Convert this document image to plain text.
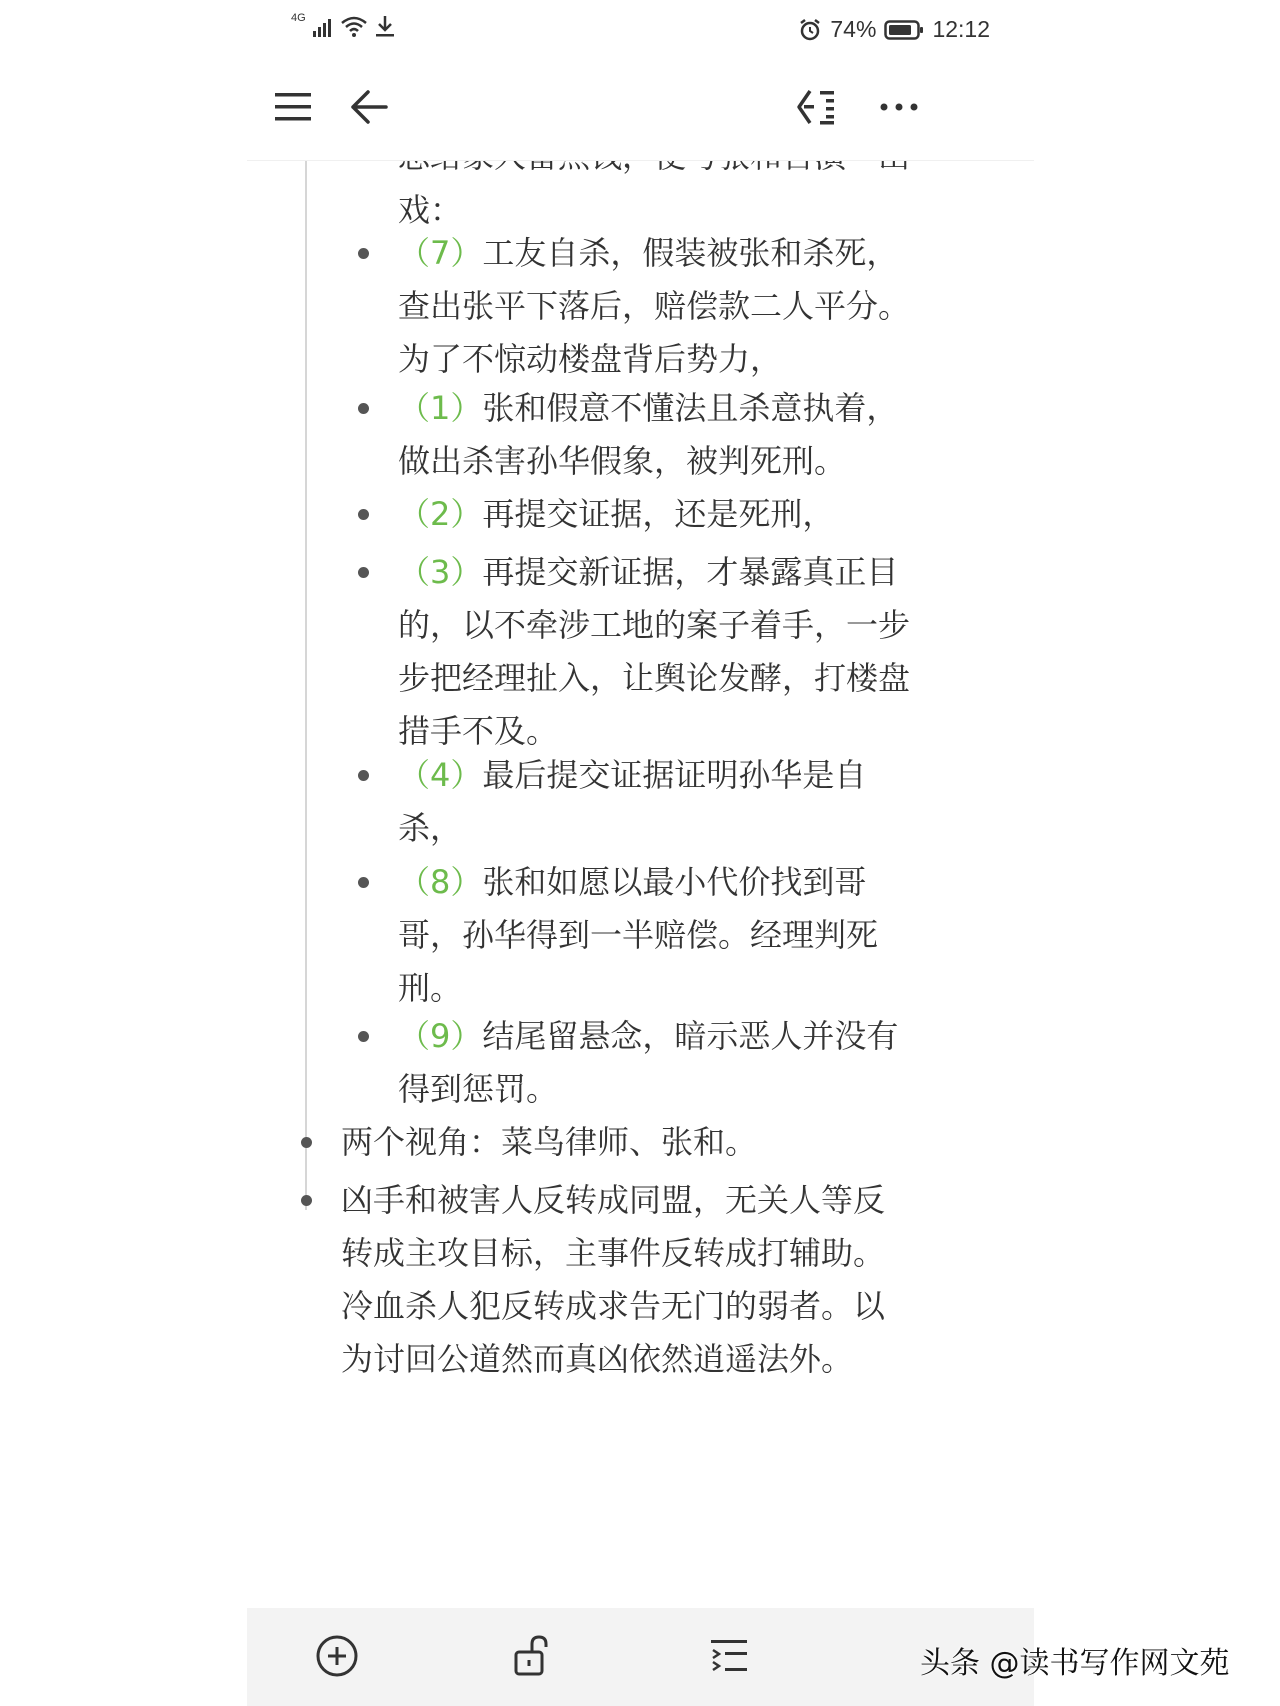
4G	74% 12:12
戏：
（7）工友自杀，假装被张和杀死，
查出张平下落后，赔偿款二人平分。
为了不惊动楼盘背后势力，
（1）张和假意不懂法且杀意执着，
做出杀害孙华假象，被判死刑。
（2）再提交证据，还是死刑，
（3）再提交新证据，才暴露真正目
的，以不牵涉工地的案子着手，一步
步把经理扯入，让舆论发酵，打楼盘
措手不及。
（4）最后提交证据证明孙华是自
杀，
（8）张和如愿以最小代价找到哥
哥，孙华得到一半赔偿。经理判死
刑。
（9）结尾留悬念，暗示恶人并没有
得到惩罚。
两个视角：菜鸟律师、张和。
凶手和被害人反转成同盟，无关人等反
转成主攻目标，主事件反转成打辅助。
冷血杀人犯反转成求告无门的弱者。以
为讨回公道然而真凶依然逍遥法外。
头条 @读书写作网文苑
